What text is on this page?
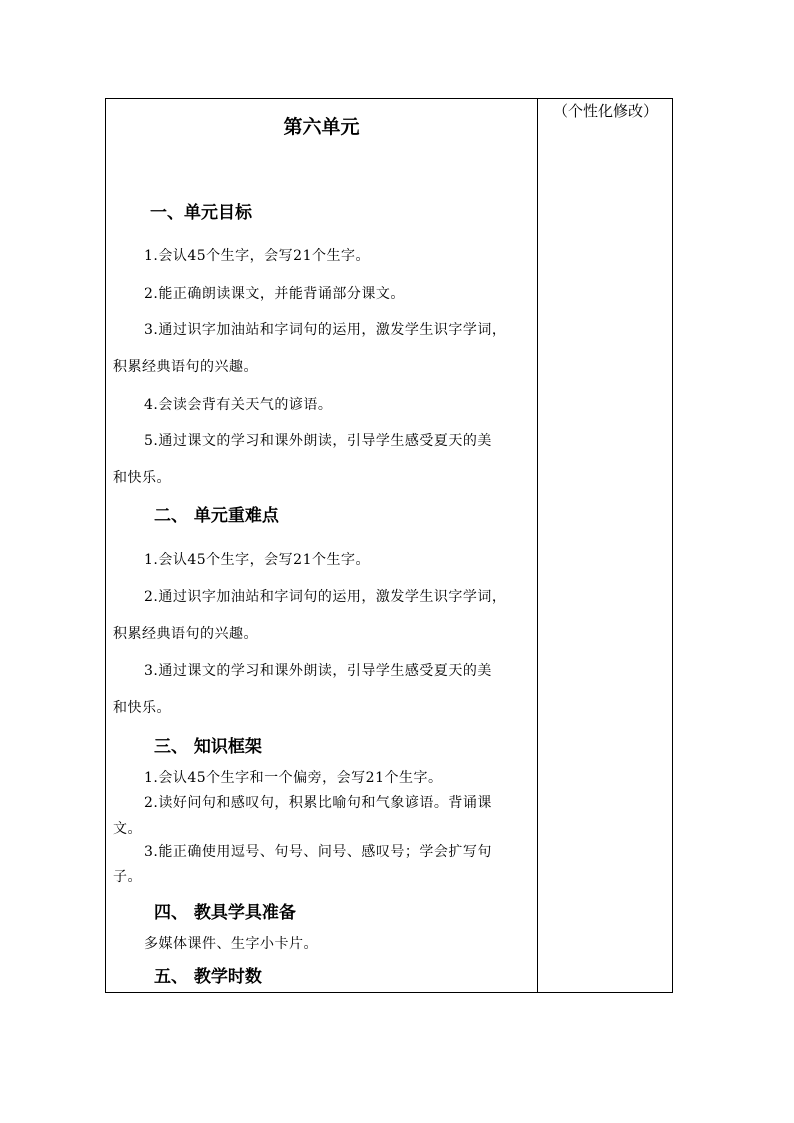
（个性化修改）
第六单元
一、单元目标
1.会认45个生字，会写21个生字。
2.能正确朗读课文，并能背诵部分课文。
3.通过识字加油站和字词句的运用，激发学生识字学词，
积累经典语句的兴趣。
4.会读会背有关天气的谚语。
5.通过课文的学习和课外朗读，引导学生感受夏天的美
和快乐。
二、 单元重难点
1.会认45个生字，会写21个生字。
2.通过识字加油站和字词句的运用，激发学生识字学词，
积累经典语句的兴趣。
3.通过课文的学习和课外朗读，引导学生感受夏天的美
和快乐。
三、 知识框架
1.会认45个生字和一个偏旁，会写21个生字。
2.读好问句和感叹句，积累比喻句和气象谚语。背诵课
文。
3.能正确使用逗号、句号、问号、感叹号；学会扩写句
子。
四、 教具学具准备
多媒体课件、生字小卡片。
五、 教学时数
